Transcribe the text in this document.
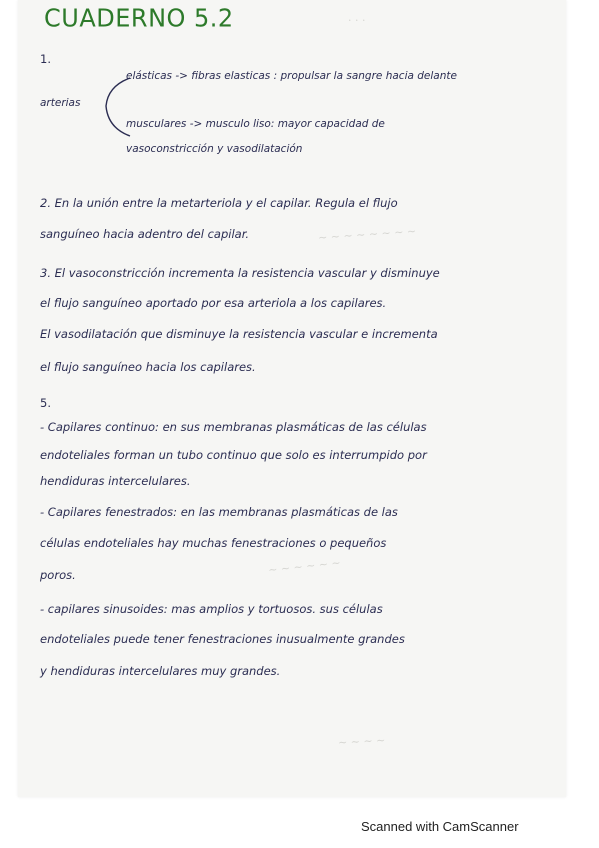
· · ·
~ ~ ~ ~ ~ ~ ~ ~
~ ~ ~ ~ ~ ~
~ ~ ~ ~
CUADERNO 5.2
1.
arterias
elásticas -> fibras elasticas : propulsar la sangre hacia delante
musculares -> musculo liso: mayor capacidad de
vasoconstricción y vasodilatación
2. En la unión entre la metarteriola y el capilar. Regula el flujo
sanguíneo hacia adentro del capilar.
3. El vasoconstricción incrementa la resistencia vascular y disminuye
el flujo sanguíneo aportado por esa arteriola a los capilares.
El vasodilatación que disminuye la resistencia vascular e incrementa
el flujo sanguíneo hacia los capilares.
5.
- Capilares continuo: en sus membranas plasmáticas de las células
endoteliales forman un tubo continuo que solo es interrumpido por
hendiduras intercelulares.
- Capilares fenestrados: en las membranas plasmáticas de las
células endoteliales hay muchas fenestraciones o pequeños
poros.
- capilares sinusoides: mas amplios y tortuosos. sus células
endoteliales puede tener fenestraciones inusualmente grandes
y hendiduras intercelulares muy grandes.
Scanned with CamScanner
